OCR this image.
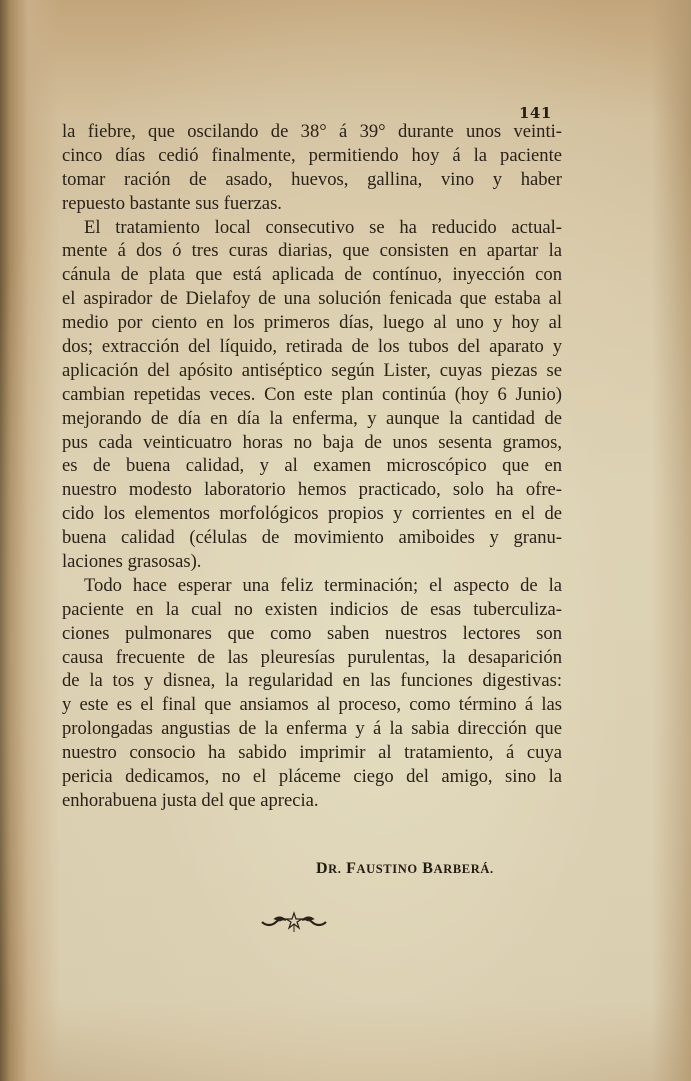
141
la fiebre, que oscilando de 38° á 39° durante unos veinti-
cinco días cedió finalmente, permitiendo hoy á la paciente
tomar ración de asado, huevos, gallina, vino y haber
repuesto bastante sus fuerzas.
El tratamiento local consecutivo se ha reducido actual-
mente á dos ó tres curas diarias, que consisten en apartar la
cánula de plata que está aplicada de contínuo, inyección con
el aspirador de Dielafoy de una solución fenicada que estaba al
medio por ciento en los primeros días, luego al uno y hoy al
dos; extracción del líquido, retirada de los tubos del aparato y
aplicación del apósito antiséptico según Lister, cuyas piezas se
cambian repetidas veces. Con este plan continúa (hoy 6 Junio)
mejorando de día en día la enferma, y aunque la cantidad de
pus cada veinticuatro horas no baja de unos sesenta gramos,
es de buena calidad, y al examen microscópico que en
nuestro modesto laboratorio hemos practicado, solo ha ofre-
cido los elementos morfológicos propios y corrientes en el de
buena calidad (células de movimiento amiboides y granu-
laciones grasosas).
Todo hace esperar una feliz terminación; el aspecto de la
paciente en la cual no existen indicios de esas tuberculiza-
ciones pulmonares que como saben nuestros lectores son
causa frecuente de las pleuresías purulentas, la desaparición
de la tos y disnea, la regularidad en las funciones digestivas:
y este es el final que ansiamos al proceso, como término á las
prolongadas angustias de la enferma y á la sabia dirección que
nuestro consocio ha sabido imprimir al tratamiento, á cuya
pericia dedicamos, no el pláceme ciego del amigo, sino la
enhorabuena justa del que aprecia.
DR. FAUSTINO BARBERÁ.
